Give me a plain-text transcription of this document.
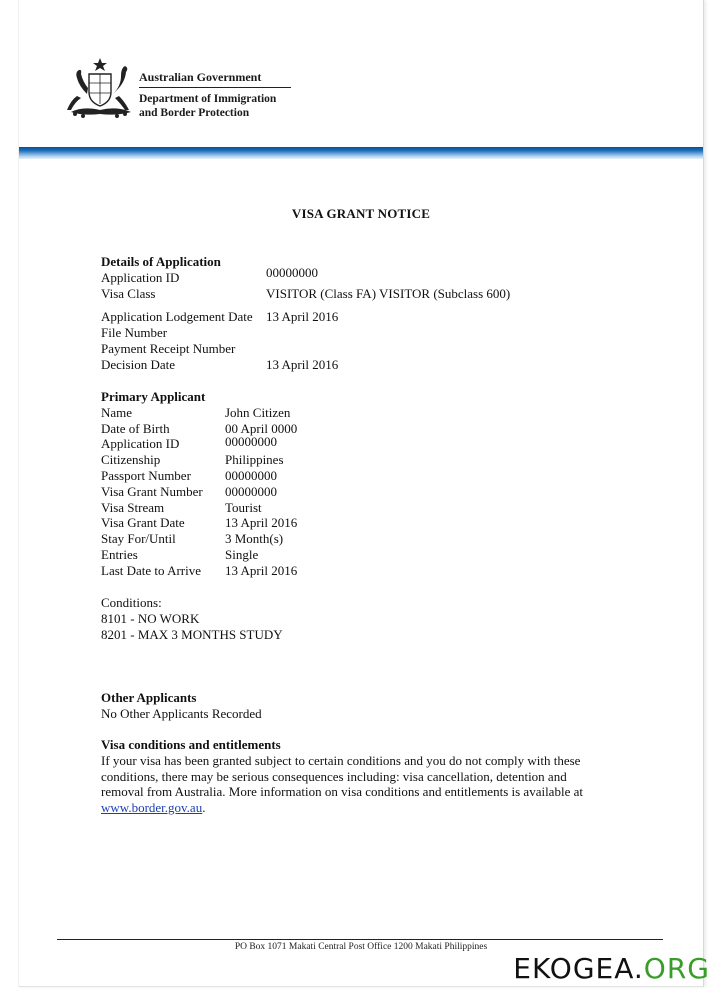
Australian Government
Department of Immigration
and Border Protection
VISA GRANT NOTICE
Details of Application
Application ID	00000000
Visa Class	VISITOR (Class FA) VISITOR (Subclass 600)
Application Lodgement Date 13 April 2016
File Number
Payment Receipt Number
Decision Date	13 April 2016
Primary Applicant
Name	John Citizen
Date of Birth	00 April 0000
Application ID	00000000
Citizenship	Philippines
Passport Number	00000000
Visa Grant Number 00000000
Visa Stream	Tourist
Visa Grant Date	13 April 2016
Stay For/Until	3 Month(s)
Entries	Single
Last Date to Arrive 13 April 2016
Conditions:
8101 - NO WORK
8201 - MAX 3 MONTHS STUDY
Other Applicants
No Other Applicants Recorded
Visa conditions and entitlements
If your visa has been granted subject to certain conditions and you do not comply with these
conditions, there may be serious consequences including: visa cancellation, detention and
removal from Australia. More information on visa conditions and entitlements is available at
www.border.gov.au.
PO Box 1071 Makati Central Post Office 1200 Makati Philippines
EKOGEA.ORG
